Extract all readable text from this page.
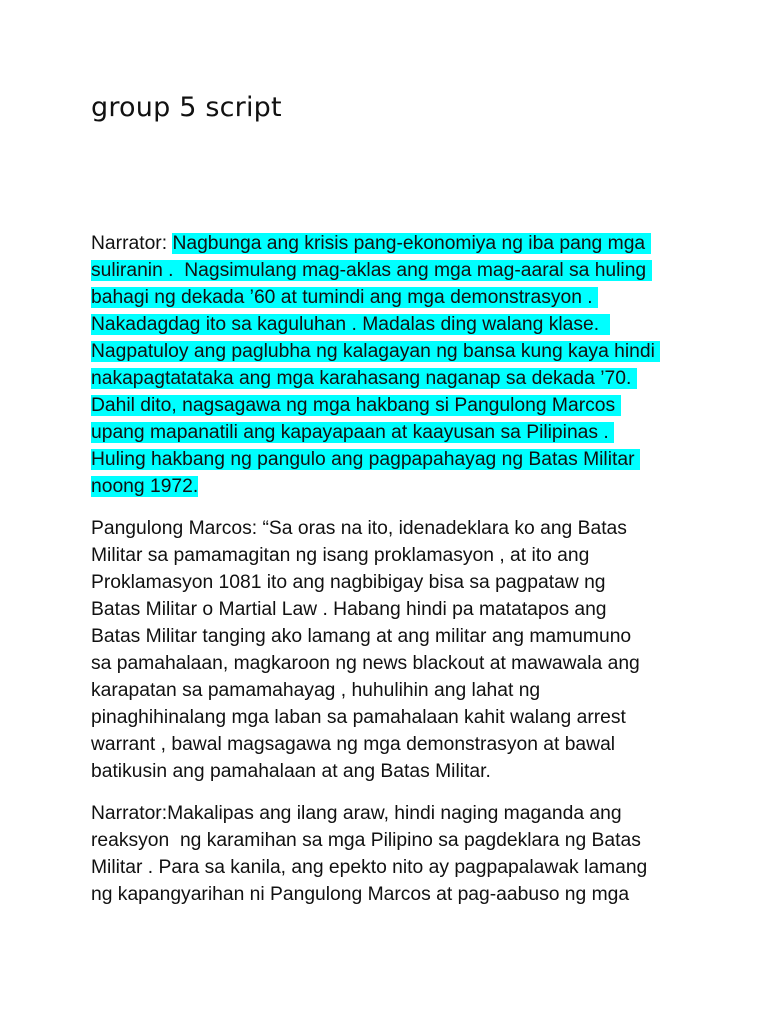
group 5 script
Narrator: Nagbunga ang krisis pang-ekonomiya ng iba pang mga
suliranin .  Nagsimulang mag-aklas ang mga mag-aaral sa huling
bahagi ng dekada ’60 at tumindi ang mga demonstrasyon .
Nakadagdag ito sa kaguluhan . Madalas ding walang klase.
Nagpatuloy ang paglubha ng kalagayan ng bansa kung kaya hindi
nakapagtatataka ang mga karahasang naganap sa dekada ’70.
Dahil dito, nagsagawa ng mga hakbang si Pangulong Marcos
upang mapanatili ang kapayapaan at kaayusan sa Pilipinas .
Huling hakbang ng pangulo ang pagpapahayag ng Batas Militar
noong 1972.
Pangulong Marcos: “Sa oras na ito, idenadeklara ko ang Batas
Militar sa pamamagitan ng isang proklamasyon , at ito ang
Proklamasyon 1081 ito ang nagbibigay bisa sa pagpataw ng
Batas Militar o Martial Law . Habang hindi pa matatapos ang
Batas Militar tanging ako lamang at ang militar ang mamumuno
sa pamahalaan, magkaroon ng news blackout at mawawala ang
karapatan sa pamamahayag , huhulihin ang lahat ng
pinaghihinalang mga laban sa pamahalaan kahit walang arrest
warrant , bawal magsagawa ng mga demonstrasyon at bawal
batikusin ang pamahalaan at ang Batas Militar.
Narrator:Makalipas ang ilang araw, hindi naging maganda ang
reaksyon  ng karamihan sa mga Pilipino sa pagdeklara ng Batas
Militar . Para sa kanila, ang epekto nito ay pagpapalawak lamang
ng kapangyarihan ni Pangulong Marcos at pag-aabuso ng mga
